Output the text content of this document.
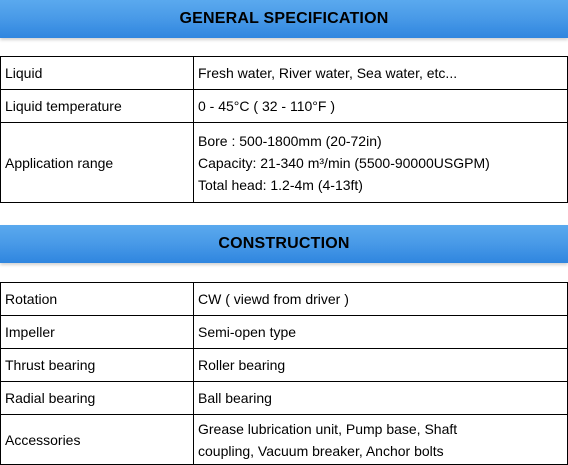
GENERAL SPECIFICATION
Liquid	Fresh water, River water, Sea water, etc...

Liquid temperature	0 - 45°C ( 32 - 110°F )

Application range	Bore : 500-1800mm (20-72in)
Capacity: 21-340 m³/min (5500-90000USGPM)
Total head: 1.2-4m (4-13ft)
CONSTRUCTION
Rotation	CW ( viewd from driver )

Impeller	Semi-open type

Thrust bearing	Roller bearing

Radial bearing	Ball bearing

Accessories	Grease lubrication unit, Pump base, Shaft
coupling, Vacuum breaker, Anchor bolts
